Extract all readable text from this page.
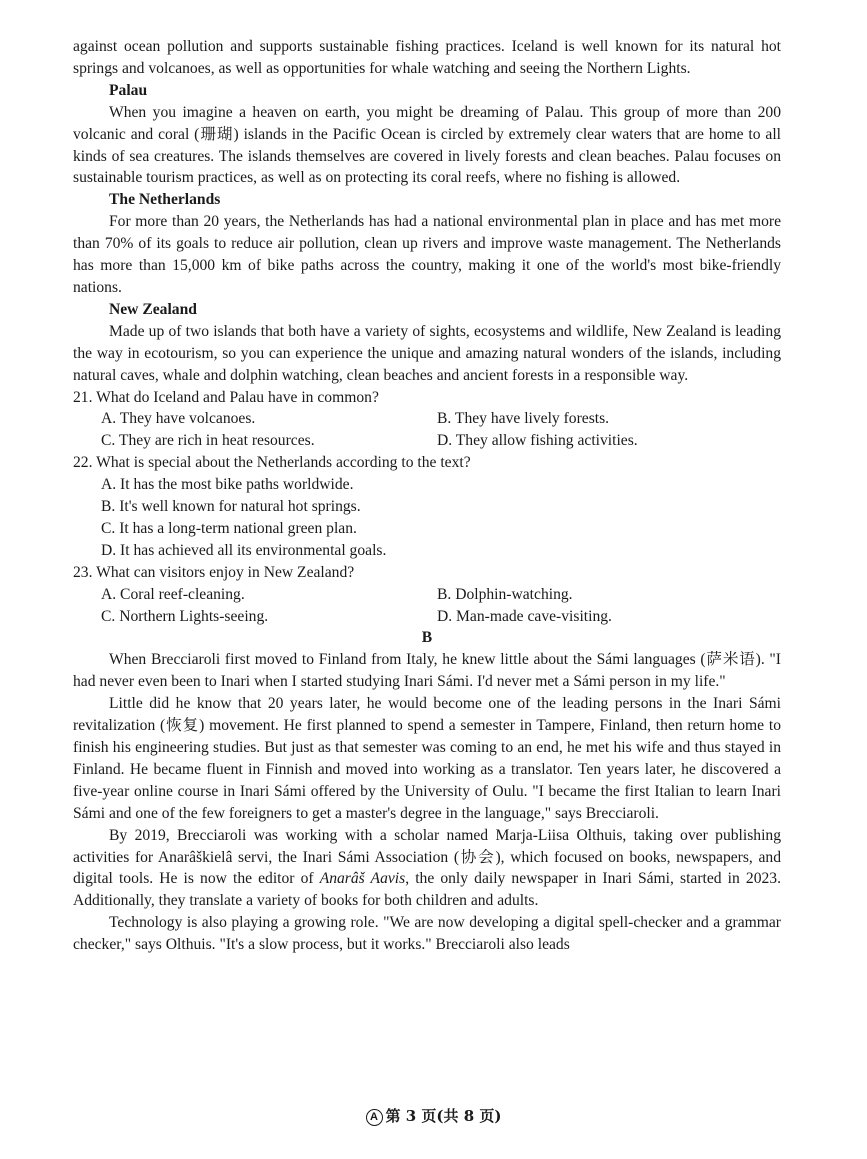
against ocean pollution and supports sustainable fishing practices. Iceland is well known for its natural hot springs and volcanoes, as well as opportunities for whale watching and seeing the Northern Lights.

Palau

When you imagine a heaven on earth, you might be dreaming of Palau. This group of more than 200 volcanic and coral (珊瑚) islands in the Pacific Ocean is circled by extremely clear waters that are home to all kinds of sea creatures. The islands themselves are covered in lively forests and clean beaches. Palau focuses on sustainable tourism practices, as well as on protecting its coral reefs, where no fishing is allowed.

The Netherlands

For more than 20 years, the Netherlands has had a national environmental plan in place and has met more than 70% of its goals to reduce air pollution, clean up rivers and improve waste management. The Netherlands has more than 15,000 km of bike paths across the country, making it one of the world's most bike-friendly nations.

New Zealand

Made up of two islands that both have a variety of sights, ecosystems and wildlife, New Zealand is leading the way in ecotourism, so you can experience the unique and amazing natural wonders of the islands, including natural caves, whale and dolphin watching, clean beaches and ancient forests in a responsible way.

21. What do Iceland and Palau have in common?

A. They have volcanoes.	B. They have lively forests.
C. They are rich in heat resources.	D. They allow fishing activities.

22. What is special about the Netherlands according to the text?

A. It has the most bike paths worldwide.
B. It's well known for natural hot springs.
C. It has a long-term national green plan.
D. It has achieved all its environmental goals.

23. What can visitors enjoy in New Zealand?

A. Coral reef-cleaning.	B. Dolphin-watching.
C. Northern Lights-seeing.	D. Man-made cave-visiting.

B

When Brecciaroli first moved to Finland from Italy, he knew little about the Sámi languages (萨米语). "I had never even been to Inari when I started studying Inari Sámi. I'd never met a Sámi person in my life."

Little did he know that 20 years later, he would become one of the leading persons in the Inari Sámi revitalization (恢复) movement. He first planned to spend a semester in Tampere, Finland, then return home to finish his engineering studies. But just as that semester was coming to an end, he met his wife and thus stayed in Finland. He became fluent in Finnish and moved into working as a translator. Ten years later, he discovered a five-year online course in Inari Sámi offered by the University of Oulu. "I became the first Italian to learn Inari Sámi and one of the few foreigners to get a master's degree in the language," says Brecciaroli.

By 2019, Brecciaroli was working with a scholar named Marja-Liisa Olthuis, taking over publishing activities for Anarâškielâ servi, the Inari Sámi Association (协会), which focused on books, newspapers, and digital tools. He is now the editor of Anarâš Aavis, the only daily newspaper in Inari Sámi, started in 2023. Additionally, they translate a variety of books for both children and adults.

Technology is also playing a growing role. "We are now developing a digital spell-checker and a grammar checker," says Olthuis. "It's a slow process, but it works." Brecciaroli also leads

A 第 3 页(共 8 页)
